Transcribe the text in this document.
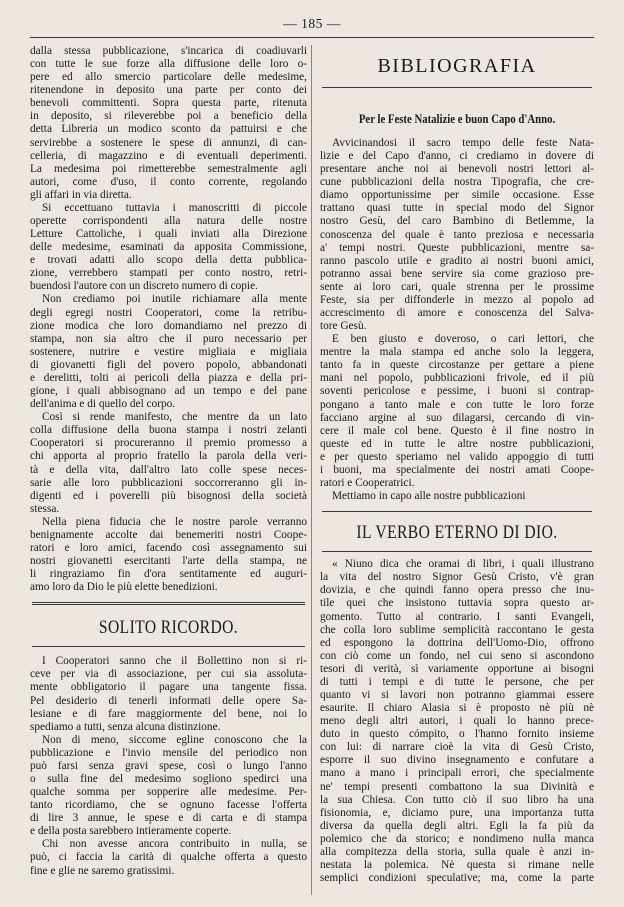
— 185 —
dalla stessa pubblicazione, s'incarica di coadiuvarli
con tutte le sue forze alla diffusione delle loro o-
pere ed allo smercio particolare delle medesime,
ritenendone in deposito una parte per conto dei
benevoli committenti. Sopra questa parte, ritenuta
in deposito, si rileverebbe poi a beneficio della
detta Libreria un modico sconto da pattuirsi e che
servirebbe a sostenere le spese di annunzi, di can-
celleria, di magazzino e di eventuali deperimenti.
La medesima poi rimetterebbe semestralmente agli
autori, come d'uso, il conto corrente, regolando
gli affari in via diretta.
Si eccettuano tuttavia i manoscritti di piccole
operette corrispondenti alla natura delle nostre
Letture Cattoliche, i quali inviati alla Direzione
delle medesime, esaminati da apposita Commissione,
e trovati adatti allo scopo della detta pubblica-
zione, verrebbero stampati per conto nostro, retri-
buendosi l'autore con un discreto numero di copie.
Non crediamo poi inutile richiamare alla mente
degli egregi nostri Cooperatori, come la retribu-
zione modica che loro domandiamo nel prezzo di
stampa, non sia altro che il puro necessario per
sostenere, nutrire e vestire migliaia e migliaia
di giovanetti figli del povero popolo, abbandonati
e derelitti, tolti ai pericoli della piazza e della pri-
gione, i quali abbisognano ad un tempo e del pane
dell'anima e di quello del corpo.
Così si rende manifesto, che mentre da un lato
colla diffusione della buona stampa i nostri zelanti
Cooperatori si procureranno il premio promesso a
chi apporta al proprio fratello la parola della veri-
tà e della vita, dall'altro lato colle spese neces-
sarie alle loro pubblicazioni soccorreranno gli in-
digenti ed i poverelli più bisognosi della società
stessa.
Nella piena fiducia che le nostre parole verranno
benignamente accolte dai benemeriti nostri Coope-
ratori e loro amici, facendo così assegnamento sui
nostri giovanetti esercitanti l'arte della stampa, ne
li ringraziamo fin d'ora sentitamente ed auguri-
amo loro da Dio le più elette benedizioni.
SOLITO RICORDO.
I Cooperatori sanno che il Bollettino non si ri-
ceve per via di associazione, per cui sia assoluta-
mente obbligatorio il pagare una tangente fissa.
Pel desiderio di tenerli informati delle opere Sa-
lesiane e di fare maggiormente del bene, noi lo
spediamo a tutti, senza alcuna distinzione.
Non di meno, siccome egline conoscono che la
pubblicazione e l'invio mensile del periodico non
può farsi senza gravi spese, così o lungo l'anno
o sulla fine del medesimo sogliono spedirci una
qualche somma per sopperire alle medesime. Per-
tanto ricordiamo, che se ognuno facesse l'offerta
di lire 3 annue, le spese e di carta e di stampa
e della posta sarebbero intieramente coperte.
Chi non avesse ancora contribuito in nulla, se
può, ci faccia la carità di qualche offerta a questo
fine e glie ne saremo gratissimi.
BIBLIOGRAFIA
Per le Feste Natalizie e buon Capo d'Anno.
Avvicinandosi il sacro tempo delle feste Nata-
lizie e del Capo d'anno, ci crediamo in dovere di
presentare anche noi ai benevoli nostri lettori al-
cune pubblicazioni della nostra Tipografia, che cre-
diamo opportunissime per simile occasione. Esse
trattano quasi tutte in special modo del Signor
nostro Gesù, del caro Bambino di Betlemme, la
conoscenza del quale è tanto preziosa e necessaria
a' tempi nostri. Queste pubblicazioni, mentre sa-
ranno pascolo utile e gradito ai nostri buoni amici,
potranno assai bene servire sia come grazioso pre-
sente ai loro cari, quale strenna per le prossime
Feste, sia per diffonderle in mezzo al popolo ad
accrescimento di amore e conoscenza del Salva-
tore Gesù.
E ben giusto e doveroso, o cari lettori, che
mentre la mala stampa ed anche solo la leggera,
tanto fa in queste circostanze per gettare a piene
mani nel popolo, pubblicazioni frivole, ed il più
soventi pericolose e pessime, i buoni si contrap-
pongano a tanto male e con tutte le loro forze
facciano argine al suo dilagarsi, cercando di vin-
cere il male col bene. Questo è il fine nostro in
queste ed in tutte le altre nostre pubblicazioni,
e per questo speriamo nel valido appoggio di tutti
i buoni, ma specialmente dei nostri amati Coope-
ratori e Cooperatrici.
Mettiamo in capo alle nostre pubblicazioni
IL VERBO ETERNO DI DIO.
« Niuno dica che oramai di libri, i quali illustrano
la vita del nostro Signor Gesù Cristo, v'è gran
dovizia, e che quindi fanno opera presso che inu-
tile quei che insistono tuttavia sopra questo ar-
gomento. Tutto al contrario. I santi Evangeli,
che colla loro sublime semplicità raccontano le gesta
ed espongono la dottrina dell'Uomo-Dio, offrono
con ciò come un fondo, nel cui seno si ascondono
tesori di verità, sì variamente opportune ai bisogni
di tutti i tempi e di tutte le persone, che per
quanto vi si lavori non potranno giammai essere
esaurite. Il chiaro Alasia si è proposto nè più nè
meno degli altri autori, i quali lo hanno prece-
duto in questo cómpito, o l'hanno fornito insieme
con lui: di narrare cioè la vita di Gesù Cristo,
esporre il suo divino insegnamento e confutare a
mano a mano i principali errori, che specialmente
ne' tempi presenti combattono la sua Divinità e
la sua Chiesa. Con tutto ciò il suo libro ha una
fisionomia, e, diciamo pure, una importanza tutta
diversa da quella degli altri. Egli la fa più da
polemico che da storico; e nondimeno nulla manca
alla compitezza della storia, sulla quale è anzi in-
nestata la polemica. Nè questa si rimane nelle
semplici condizioni speculative; ma, come la parte
